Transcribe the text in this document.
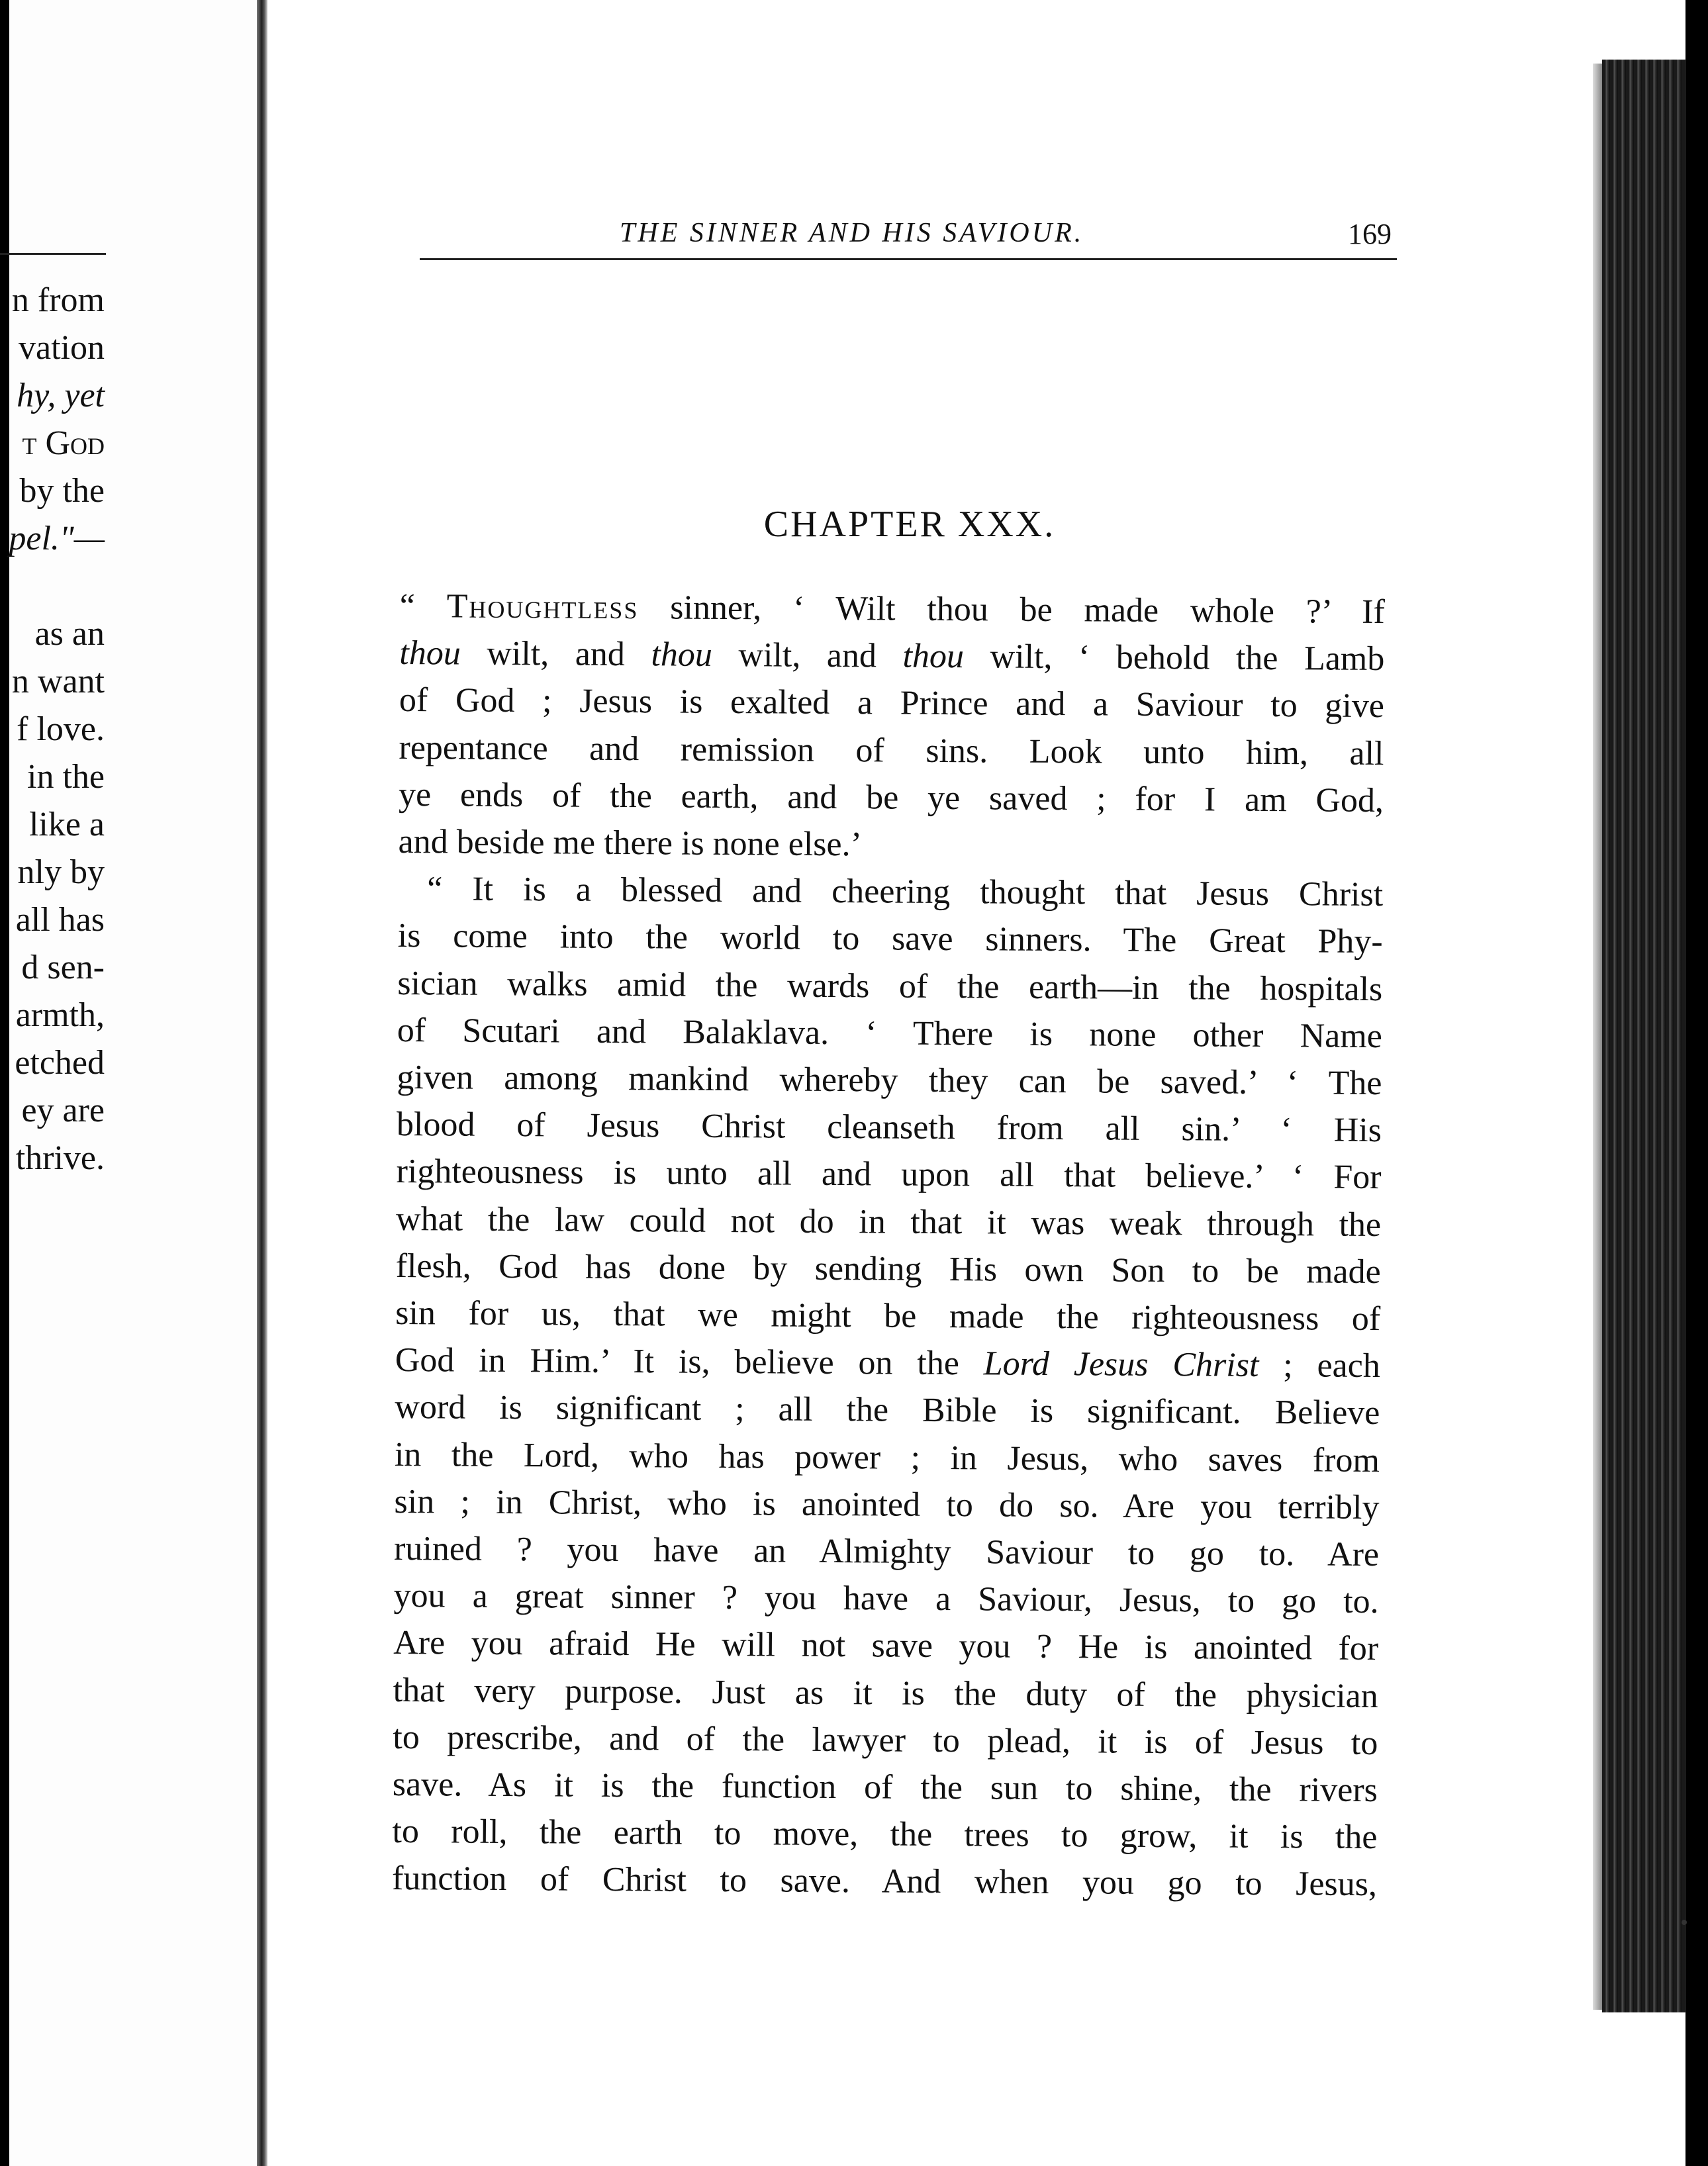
n from
vation
hy, yet
t God
by the
pel."—
as an
n want
f love.
in the
like a
nly by
all has
d sen-
armth,
etched
ey are
thrive.
THE SINNER AND HIS SAVIOUR.	169
CHAPTER XXX.
“ Thoughtless sinner, ‘ Wilt thou be made whole ?’ If
thou wilt, and thou wilt, and thou wilt, ‘ behold the Lamb
of God ; Jesus is exalted a Prince and a Saviour to give
repentance and remission of sins. Look unto him, all
ye ends of the earth, and be ye saved ; for I am God,
and beside me there is none else.’
“ It is a blessed and cheering thought that Jesus Christ
is come into the world to save sinners. The Great Phy-
sician walks amid the wards of the earth—in the hospitals
of Scutari and Balaklava. ‘ There is none other Name
given among mankind whereby they can be saved.’ ‘ The
blood of Jesus Christ cleanseth from all sin.’ ‘ His
righteousness is unto all and upon all that believe.’ ‘ For
what the law could not do in that it was weak through the
flesh, God has done by sending His own Son to be made
sin for us, that we might be made the righteousness of
God in Him.’ It is, believe on the Lord Jesus Christ ; each
word is significant ; all the Bible is significant. Believe
in the Lord, who has power ; in Jesus, who saves from
sin ; in Christ, who is anointed to do so. Are you terribly
ruined ? you have an Almighty Saviour to go to. Are
you a great sinner ? you have a Saviour, Jesus, to go to.
Are you afraid He will not save you ? He is anointed for
that very purpose. Just as it is the duty of the physician
to prescribe, and of the lawyer to plead, it is of Jesus to
save. As it is the function of the sun to shine, the rivers
to roll, the earth to move, the trees to grow, it is the
function of Christ to save. And when you go to Jesus,
